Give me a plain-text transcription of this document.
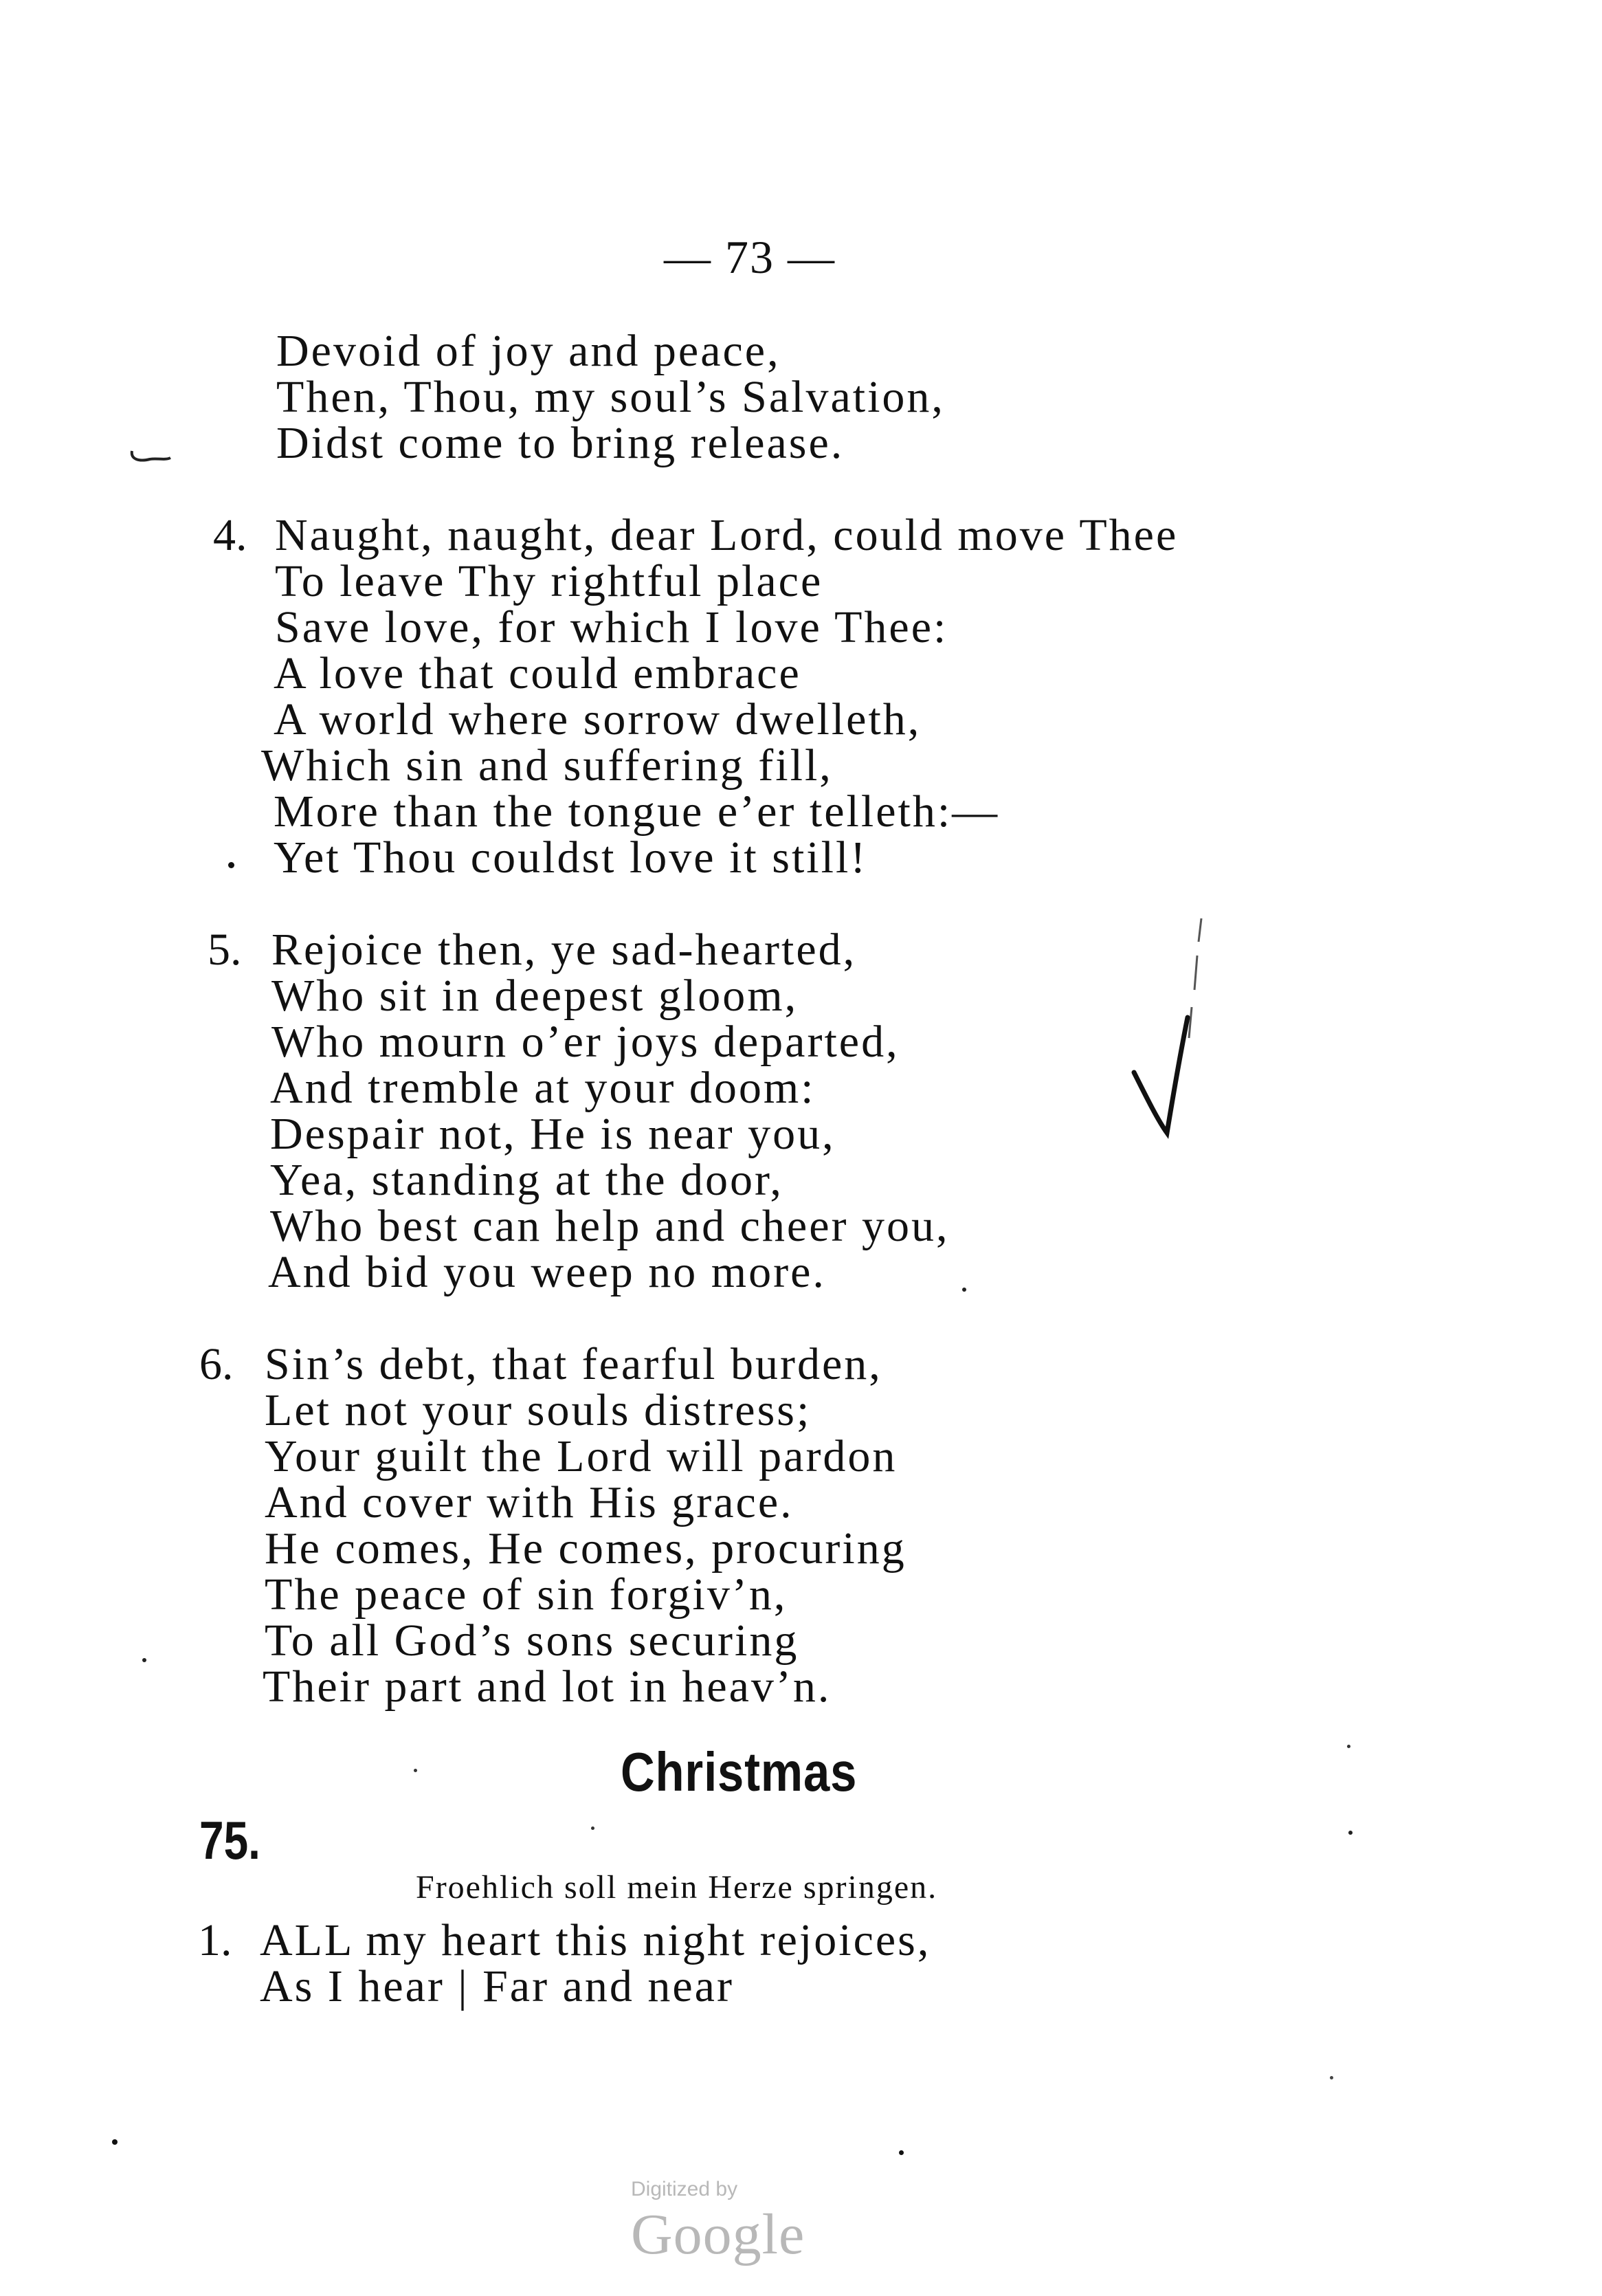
— 73 —
Devoid of joy and peace,
Then, Thou, my soul’s Salvation,
Didst come to bring release.
4. Naught, naught, dear Lord, could move Thee
To leave Thy rightful place
Save love, for which I love Thee:
A love that could embrace
A world where sorrow dwelleth,
Which sin and suffering fill,
More than the tongue e’er telleth:—
Yet Thou couldst love it still!
5. Rejoice then, ye sad-hearted,
Who sit in deepest gloom,
Who mourn o’er joys departed,
And tremble at your doom:
Despair not, He is near you,
Yea, standing at the door,
Who best can help and cheer you,
And bid you weep no more.
6. Sin’s debt, that fearful burden,
Let not your souls distress;
Your guilt the Lord will pardon
And cover with His grace.
He comes, He comes, procuring
The peace of sin forgiv’n,
To all God’s sons securing
Their part and lot in heav’n.
Christmas
75.
Froehlich soll mein Herze springen.
1. ALL my heart this night rejoices,
As I hear | Far and near

Digitized by
Google
